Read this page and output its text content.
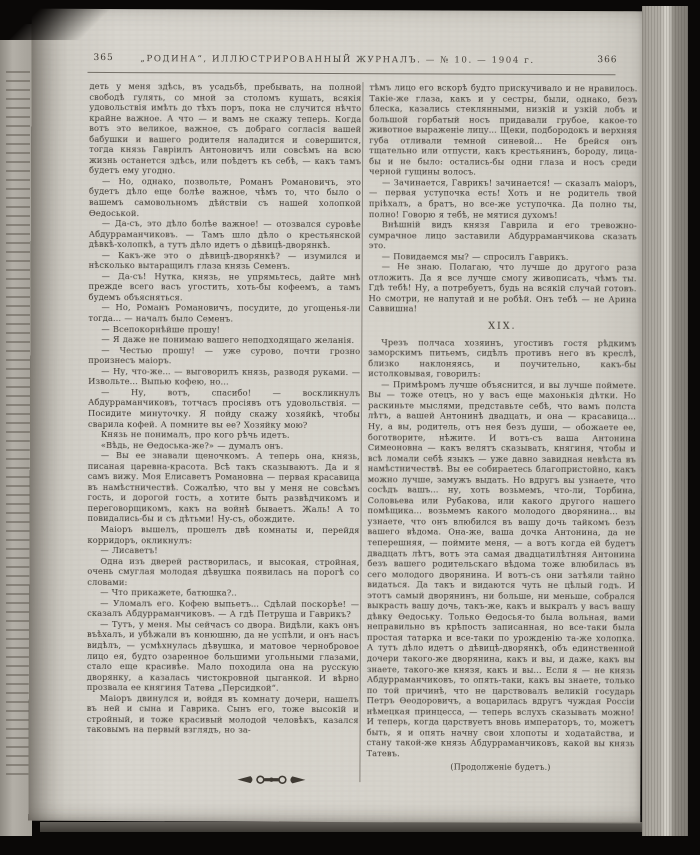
365	„РОДИНА“, ИЛЛЮСТРИРОВАННЫЙ ЖУРНАЛЪ. — № 10. — 1904 г.	366

деть у меня здѣсь, въ усадьбѣ, пребывать, на полной свободѣ гулять, со мной за столомъ кушать, всякія удовольствія имѣть до тѣхъ поръ, пока не случится нѣчто крайне важное. А что — и вамъ не скажу теперь. Когда вотъ это великое, важное, съ добраго согласія вашей бабушки и вашего родителя наладится и совершится, тогда князь Гавріилъ Антоновичъ или совсѣмъ на всю жизнь останется здѣсь, или поѣдетъ къ себѣ, — какъ тамъ будетъ ему угодно.

— Но, однако, позвольте, Романъ Романовичъ, это будетъ дѣло еще болѣе важное, чѣмъ то, что было о вашемъ самовольномъ дѣйствіи съ нашей холопкой Ѳедоськой.

— Да-съ, это дѣло болѣе важное! — отозвался суровѣе Абдурраманчиковъ. — Тамъ шло дѣло о крестьянской дѣвкѣ-холопкѣ, а тутъ дѣло идетъ о дѣвицѣ-дворянкѣ.

— Какъ-же это о дѣвицѣ-дворянкѣ? — изумился и нѣсколько вытаращилъ глаза князь Семенъ.

— Да-съ! Нутка, князь, не упрямьтесь, дайте мнѣ прежде всего васъ угостить, хоть-бы кофеемъ, а тамъ будемъ объясняться.

— Но, Романъ Романовичъ, посудите, до угощенья-ли тогда... — началъ было Семенъ.

— Всепокорнѣйше прошу!

— Я даже не понимаю вашего неподходящаго желанія.

— Честью прошу! — уже сурово, почти грозно произнесъ маіоръ.

— Ну, что-же... — выговорилъ князь, разводя руками. — Извольте... Выпью кофею, но...

— Ну, вотъ, спасибо! — воскликнулъ Абдурраманчиковъ, тотчасъ просіявъ отъ удовольствія. — Посидите минуточку. Я пойду скажу хозяйкѣ, чтобы сварила кофей. А помните вы ее? Хозяйку мою?

Князь не понималъ, про кого рѣчь идетъ.

«Вѣдь, не Ѳедоська-же?» — думалъ онъ.

— Вы ее знавали щеночкомъ. А теперь она, князь, писаная царевна-красота. Всѣ такъ сказываютъ. Да и я самъ вижу. Моя Елисаветъ Романовна — первая красавица въ намѣстничествѣ. Сожалѣю, что вы у меня не совсѣмъ гость, и дорогой гость, а хотите быть развѣдчикомъ и переговорщикомъ, какъ на войнѣ бываетъ. Жаль! А то повидались-бы и съ дѣтьми! Ну-съ, обождите.

Маіоръ вышелъ, прошелъ двѣ комнаты и, перейдя корридоръ, окликнулъ:

— Лисаветъ!

Одна изъ дверей растворилась, и высокая, стройная, очень смуглая молодая дѣвушка появилась на порогѣ со словами:

— Что прикажете, батюшка?..

— Уломалъ его. Кофею выпьетъ... Сдѣлай поскорѣе! — сказалъ Абдурраманчиковъ. — А гдѣ Петруша и Гаврикъ?

— Тутъ, у меня. Мы сейчасъ со двора. Видѣли, какъ онъ въѣхалъ, и убѣжали въ конюшню, да не успѣли, и онъ насъ видѣлъ, — усмѣхнулась дѣвушка, и матовое чернобровое лицо ея, будто озаренное большими угольными глазами, стало еще красивѣе. Мало походила она на русскую дворянку, а казалась чистокровной цыганкой. И вѣрно прозвала ее княгиня Татева „Персидкой“.

Маіоръ двинулся и, войдя въ комнату дочери, нашелъ въ ней и сына и Гаврика. Сынъ его, тоже высокій и стройный, и тоже красивый молодой человѣкъ, казался таковымъ на первый взглядъ, но за-

тѣмъ лицо его вскорѣ будто прискучивало и не нравилось. Такіе-же глаза, какъ и у сестры, были, однако, безъ блеска, казались стеклянными, низкій и узкій лобъ и большой горбатый носъ придавали грубое, какое-то животное выраженіе лицу... Щеки, подбородокъ и верхняя губа отливали темной синевой... Не брейся онъ тщательно или отпусти, какъ крестьянинъ, бороду, лица-бы и не было: остались-бы одни глаза и носъ среди черной гущины волосъ.

— Зачинается, Гаврикъ! зачинается! — сказалъ маіоръ, — первая уступочка есть! Хоть и не родитель твой пріѣхалъ, а братъ, но все-же уступочка. Да полно ты, полно! Говорю я тебѣ, не мятися духомъ!

Внѣшній видъ князя Гаврила и его тревожно-сумрачное лицо заставили Абдурраманчикова сказать это.

— Повидаемся мы? — спросилъ Гаврикъ.

— Не знаю. Полагаю, что лучше до другого раза отложить. Да я все лучше смогу живописать, чѣмъ ты. Гдѣ тебѣ! Ну, а потребуетъ, будь на всякій случай готовъ. Но смотри, не напутай и не робѣй. Онъ тебѣ — не Арина Саввишна!

XIX.

Чрезъ полчаса хозяинъ, угостивъ гостя рѣдкимъ заморскимъ питьемъ, сидѣлъ противъ него въ креслѣ, близко наклоняясь, и поучительно, какъ-бы истолковывая, говорилъ:

— Примѣромъ лучше объяснится, и вы лучше поймете. Вы — тоже отецъ, но у васъ еще махонькія дѣтки. Но раскиньте мыслями, представьте себѣ, что вамъ полста лѣтъ, а вашей Антонинѣ двадцать, и она — красавица... Ну, а вы, родитель, отъ нея безъ души, — обожаете ее, боготворите, нѣжите. И вотъ-съ ваша Антонина Симеоновна — какъ велятъ сказывать, княгиня, чтобы и всѣ ломали себѣ языкъ — уже давно завидная невѣста въ намѣстничествѣ. Вы ее собираетесь благопристойно, какъ можно лучше, замужъ выдать. Но вдругъ вы узнаете, что сосѣдъ вашъ... ну, хоть возьмемъ, что-ли, Торбина, Соловьева или Рубакова, или какого другого нашего помѣщика... возьмемъ какого молодого дворянина... вы узнаете, что онъ влюбился въ вашу дочь тайкомъ безъ вашего вѣдома. Она-же, ваша дочка Антонина, да не теперешняя, — поймите меня, — а вотъ когда ей будетъ двадцать лѣтъ, вотъ эта самая двадцатилѣтняя Антонина безъ вашего родительскаго вѣдома тоже влюбилась въ сего молодого дворянина. И вотъ-съ они затѣяли тайно видаться. Да такъ и видаются чуть не цѣлый годъ. И этотъ самый дворянинъ, ни больше, ни меньше, собрался выкрасть вашу дочь, такъ-же, какъ и выкралъ у васъ вашу дѣвку Ѳедоську. Только Ѳедосья-то была вольная, вами неправильно въ крѣпость записанная, но все-таки была простая татарка и все-таки по урожденію та-же холопка. А тутъ дѣло идетъ о дѣвицѣ-дворянкѣ, объ единственной дочери такого-же дворянина, какъ и вы, и даже, какъ вы знаете, такого-же князя, какъ и вы... Если я — не князь Абдурраманчиковъ, то опять-таки, какъ вы знаете, только по той причинѣ, что не царствовалъ великій государь Петръ Ѳеодоровичъ, а воцарилась вдругъ чуждая Россіи нѣмецкая принцесса, — теперь вслухъ сказывать можно! И теперь, когда царствуетъ вновь императоръ, то, можетъ быть, я и опять начну свои хлопоты и ходатайства, и стану такой-же князь Абдурраманчиковъ, какой вы князь Татевъ.

(Продолженіе будетъ.)
